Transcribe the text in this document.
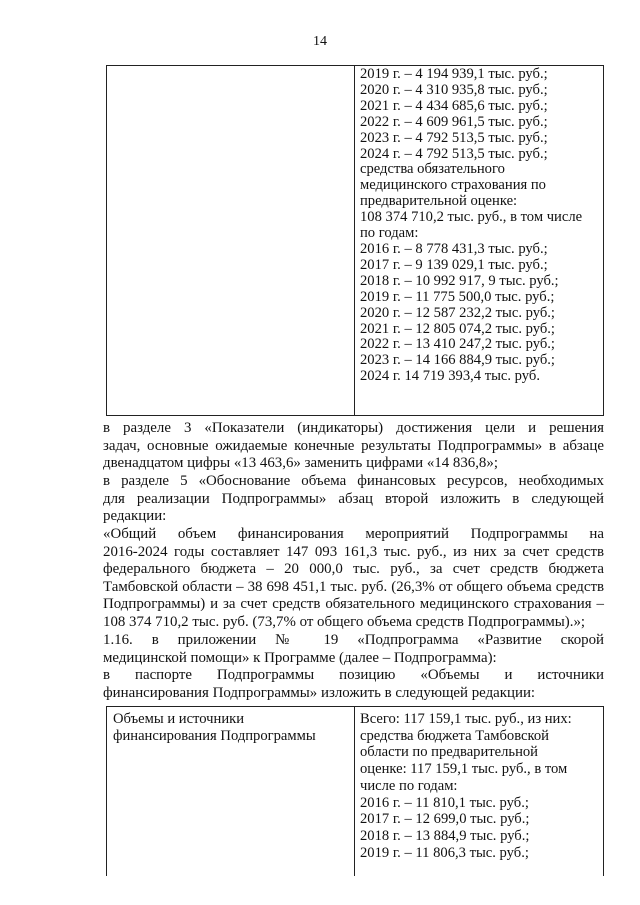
14
2019 г. – 4 194 939,1 тыс. руб.;
2020 г. – 4 310 935,8 тыс. руб.;
2021 г. – 4 434 685,6 тыс. руб.;
2022 г. – 4 609 961,5 тыс. руб.;
2023 г. – 4 792 513,5 тыс. руб.;
2024 г. – 4 792 513,5 тыс. руб.;
средства обязательного
медицинского страхования по
предварительной оценке:
108 374 710,2 тыс. руб., в том числе
по годам:
2016 г. – 8 778 431,3 тыс. руб.;
2017 г. – 9 139 029,1 тыс. руб.;
2018 г. – 10 992 917, 9 тыс. руб.;
2019 г. – 11 775 500,0 тыс. руб.;
2020 г. – 12 587 232,2 тыс. руб.;
2021 г. – 12 805 074,2 тыс. руб.;
2022 г. – 13 410 247,2 тыс. руб.;
2023 г. – 14 166 884,9 тыс. руб.;
2024 г. 14 719 393,4 тыс. руб.
в разделе 3 «Показатели (индикаторы) достижения цели и решения
задач, основные ожидаемые конечные результаты Подпрограммы» в абзаце
двенадцатом цифры «13 463,6» заменить цифрами «14 836,8»;
в разделе 5 «Обоснование объема финансовых ресурсов, необходимых
для реализации Подпрограммы» абзац второй изложить в следующей
редакции:
«Общий объем финансирования мероприятий Подпрограммы на
2016-2024 годы составляет 147 093 161,3 тыс. руб., из них за счет средств
федерального бюджета – 20 000,0 тыс. руб., за счет средств бюджета
Тамбовской области – 38 698 451,1 тыс. руб. (26,3% от общего объема средств
Подпрограммы) и за счет средств обязательного медицинского страхования –
108 374 710,2 тыс. руб. (73,7% от общего объема средств Подпрограммы).»;
1.16. в приложении № 19 «Подпрограмма «Развитие скорой
медицинской помощи» к Программе (далее – Подпрограмма):
в паспорте Подпрограммы позицию «Объемы и источники
финансирования Подпрограммы» изложить в следующей редакции:
Объемы и источники
финансирования Подпрограммы
Всего: 117 159,1 тыс. руб., из них:
средства бюджета Тамбовской
области по предварительной
оценке: 117 159,1 тыс. руб., в том
числе по годам:
2016 г. – 11 810,1 тыс. руб.;
2017 г. – 12 699,0 тыс. руб.;
2018 г. – 13 884,9 тыс. руб.;
2019 г. – 11 806,3 тыс. руб.;
